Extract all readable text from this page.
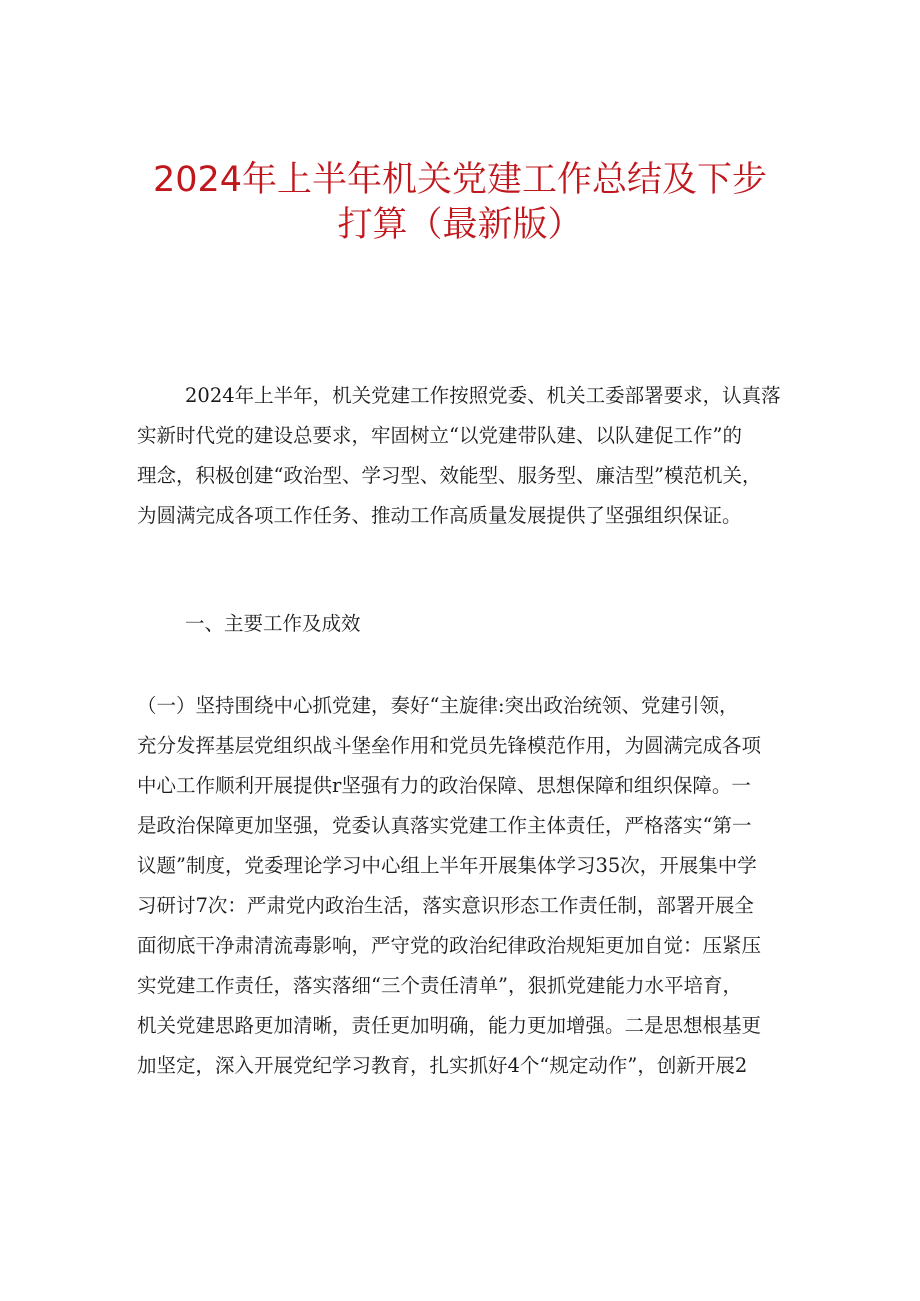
2024年上半年机关党建工作总结及下步
打算（最新版）
2024年上半年，机关党建工作按照党委、机关工委部署要求，认真落
实新时代党的建设总要求，牢固树立“以党建带队建、以队建促工作”的
理念，积极创建“政治型、学习型、效能型、服务型、廉洁型”模范机关，
为圆满完成各项工作任务、推动工作高质量发展提供了坚强组织保证。
一、主要工作及成效
（一）坚持围绕中心抓党建，奏好“主旋律:突出政治统领、党建引领，
充分发挥基层党组织战斗堡垒作用和党员先锋模范作用，为圆满完成各项
中心工作顺利开展提供r坚强有力的政治保障、思想保障和组织保障。一
是政治保障更加坚强，党委认真落实党建工作主体责任，严格落实“第一
议题”制度，党委理论学习中心组上半年开展集体学习35次，开展集中学
习研讨7次：严肃党内政治生活，落实意识形态工作责任制，部署开展全
面彻底干净肃清流毒影响，严守党的政治纪律政治规矩更加自觉：压紧压
实党建工作责任，落实落细“三个责任清单”，狠抓党建能力水平培育，
机关党建思路更加清晰，责任更加明确，能力更加增强。二是思想根基更
加坚定，深入开展党纪学习教育，扎实抓好4个“规定动作”，创新开展2
